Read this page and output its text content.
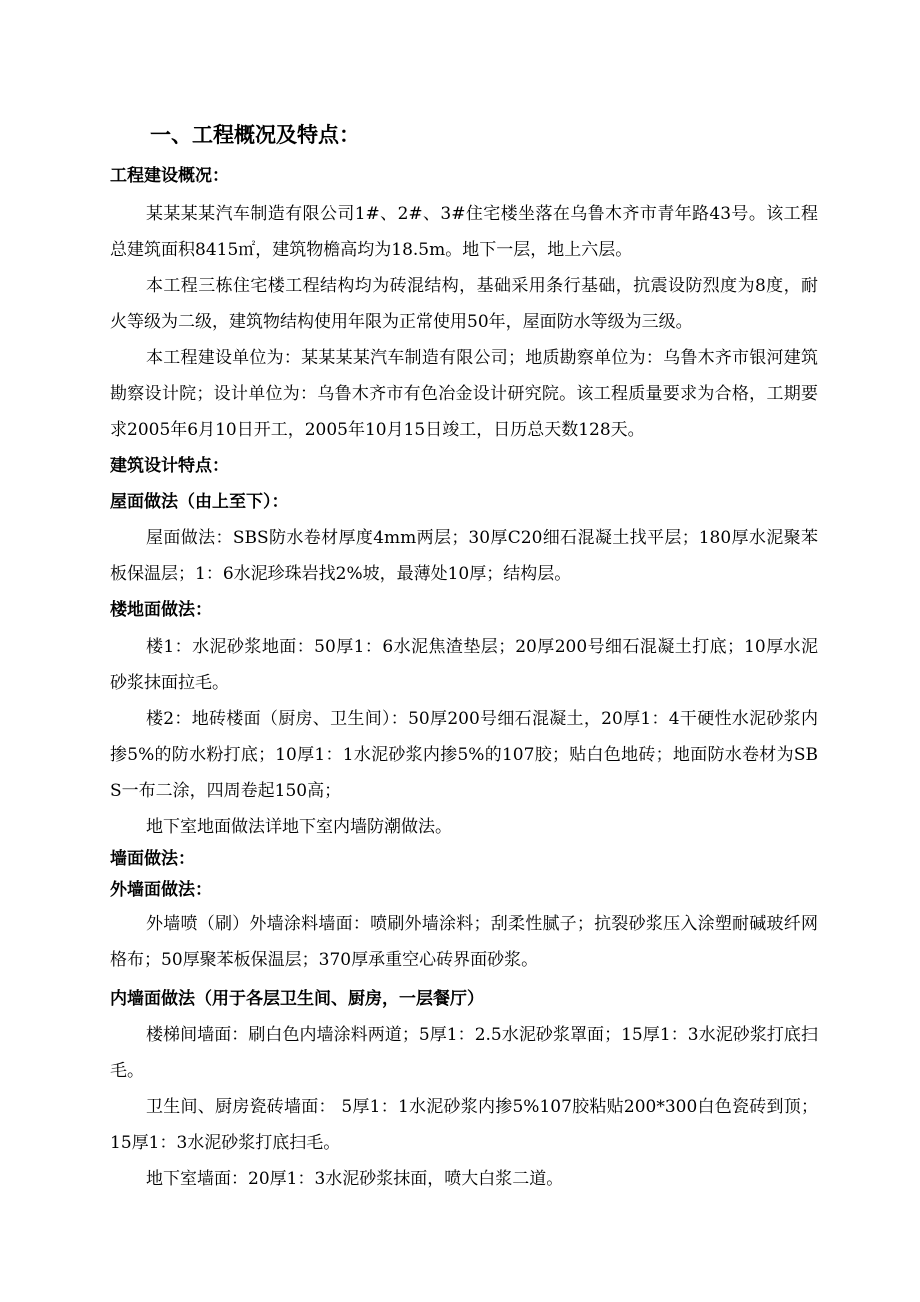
一、工程概况及特点：
工程建设概况：
某某某某汽车制造有限公司1#、2#、3#住宅楼坐落在乌鲁木齐市青年路43号。该工程总建筑面积8415㎡，建筑物檐高均为18.5m。地下一层，地上六层。
本工程三栋住宅楼工程结构均为砖混结构，基础采用条行基础，抗震设防烈度为8度，耐火等级为二级，建筑物结构使用年限为正常使用50年，屋面防水等级为三级。
本工程建设单位为：某某某某汽车制造有限公司；地质勘察单位为：乌鲁木齐市银河建筑勘察设计院；设计单位为：乌鲁木齐市有色冶金设计研究院。该工程质量要求为合格，工期要求2005年6月10日开工，2005年10月15日竣工，日历总天数128天。
建筑设计特点：
屋面做法（由上至下）：
屋面做法：SBS防水卷材厚度4mm两层；30厚C20细石混凝土找平层；180厚水泥聚苯板保温层；1：6水泥珍珠岩找2%坡，最薄处10厚；结构层。
楼地面做法：
楼1：水泥砂浆地面：50厚1：6水泥焦渣垫层；20厚200号细石混凝土打底；10厚水泥砂浆抹面拉毛。
楼2：地砖楼面（厨房、卫生间）：50厚200号细石混凝土，20厚1：4干硬性水泥砂浆内掺5%的防水粉打底；10厚1：1水泥砂浆内掺5%的107胶；贴白色地砖；地面防水卷材为SBS一布二涂，四周卷起150高；
地下室地面做法详地下室内墙防潮做法。
墙面做法：
外墙面做法：
外墙喷（刷）外墙涂料墙面：喷刷外墙涂料；刮柔性腻子；抗裂砂浆压入涂塑耐碱玻纤网格布；50厚聚苯板保温层；370厚承重空心砖界面砂浆。
内墙面做法（用于各层卫生间、厨房，一层餐厅）
楼梯间墙面：刷白色内墙涂料两道；5厚1：2.5水泥砂浆罩面；15厚1：3水泥砂浆打底扫毛。
卫生间、厨房瓷砖墙面： 5厚1：1水泥砂浆内掺5%107胶粘贴200*300白色瓷砖到顶；15厚1：3水泥砂浆打底扫毛。
地下室墙面：20厚1：3水泥砂浆抹面，喷大白浆二道。
